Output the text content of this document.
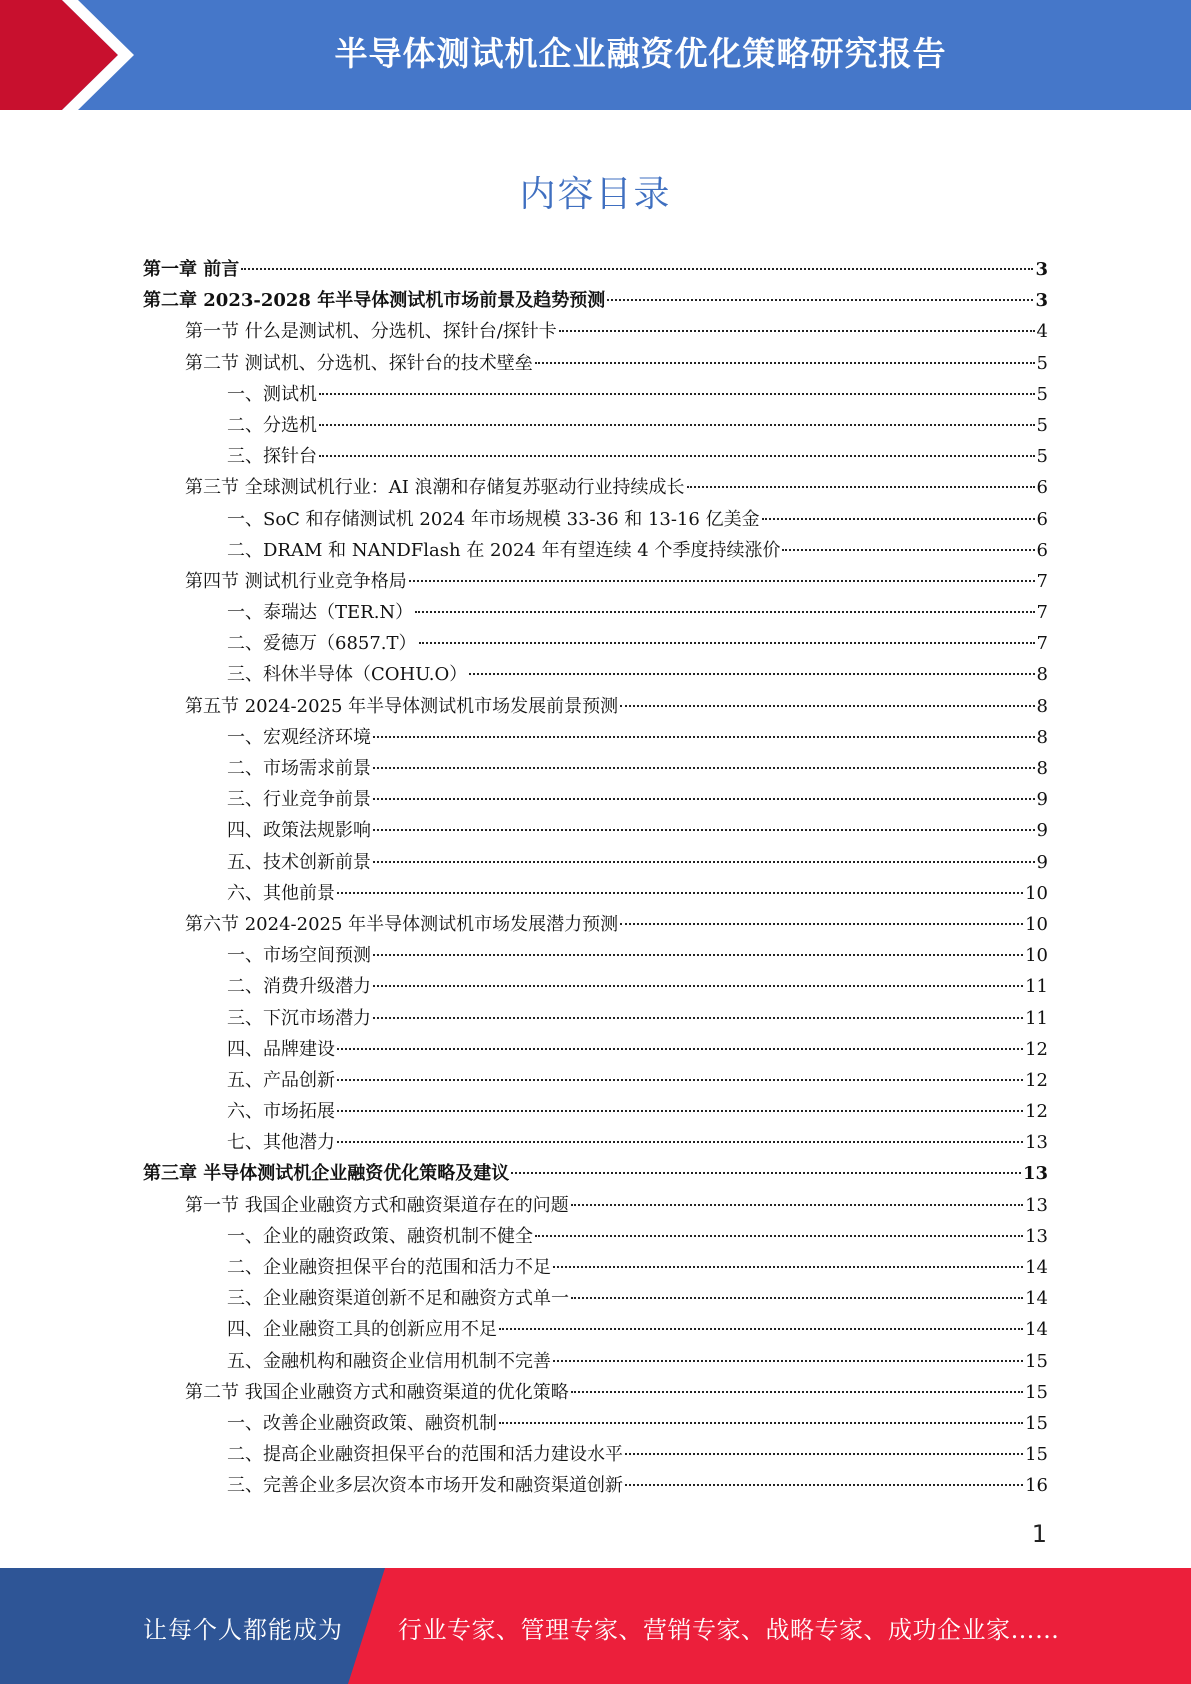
半导体测试机企业融资优化策略研究报告
内容目录
第一章 前言	3
第二章 2023-2028 年半导体测试机市场前景及趋势预测	3
第一节 什么是测试机、分选机、探针台/探针卡	4
第二节 测试机、分选机、探针台的技术壁垒	5
一、测试机	5
二、分选机	5
三、探针台	5
第三节 全球测试机行业：AI 浪潮和存储复苏驱动行业持续成长	6
一、SoC 和存储测试机 2024 年市场规模 33-36 和 13-16 亿美金	6
二、DRAM 和 NANDFlash 在 2024 年有望连续 4 个季度持续涨价	6
第四节 测试机行业竞争格局	7
一、泰瑞达（TER.N）	7
二、爱德万（6857.T）	7
三、科休半导体（COHU.O）	8
第五节 2024-2025 年半导体测试机市场发展前景预测	8
一、宏观经济环境	8
二、市场需求前景	8
三、行业竞争前景	9
四、政策法规影响	9
五、技术创新前景	9
六、其他前景	10
第六节 2024-2025 年半导体测试机市场发展潜力预测	10
一、市场空间预测	10
二、消费升级潜力	11
三、下沉市场潜力	11
四、品牌建设	12
五、产品创新	12
六、市场拓展	12
七、其他潜力	13
第三章 半导体测试机企业融资优化策略及建议	13
第一节 我国企业融资方式和融资渠道存在的问题	13
一、企业的融资政策、融资机制不健全	13
二、企业融资担保平台的范围和活力不足	14
三、企业融资渠道创新不足和融资方式单一	14
四、企业融资工具的创新应用不足	14
五、金融机构和融资企业信用机制不完善	15
第二节 我国企业融资方式和融资渠道的优化策略	15
一、改善企业融资政策、融资机制	15
二、提高企业融资担保平台的范围和活力建设水平	15
三、完善企业多层次资本市场开发和融资渠道创新	16
1
让每个人都能成为 行业专家、管理专家、营销专家、战略专家、成功企业家……
